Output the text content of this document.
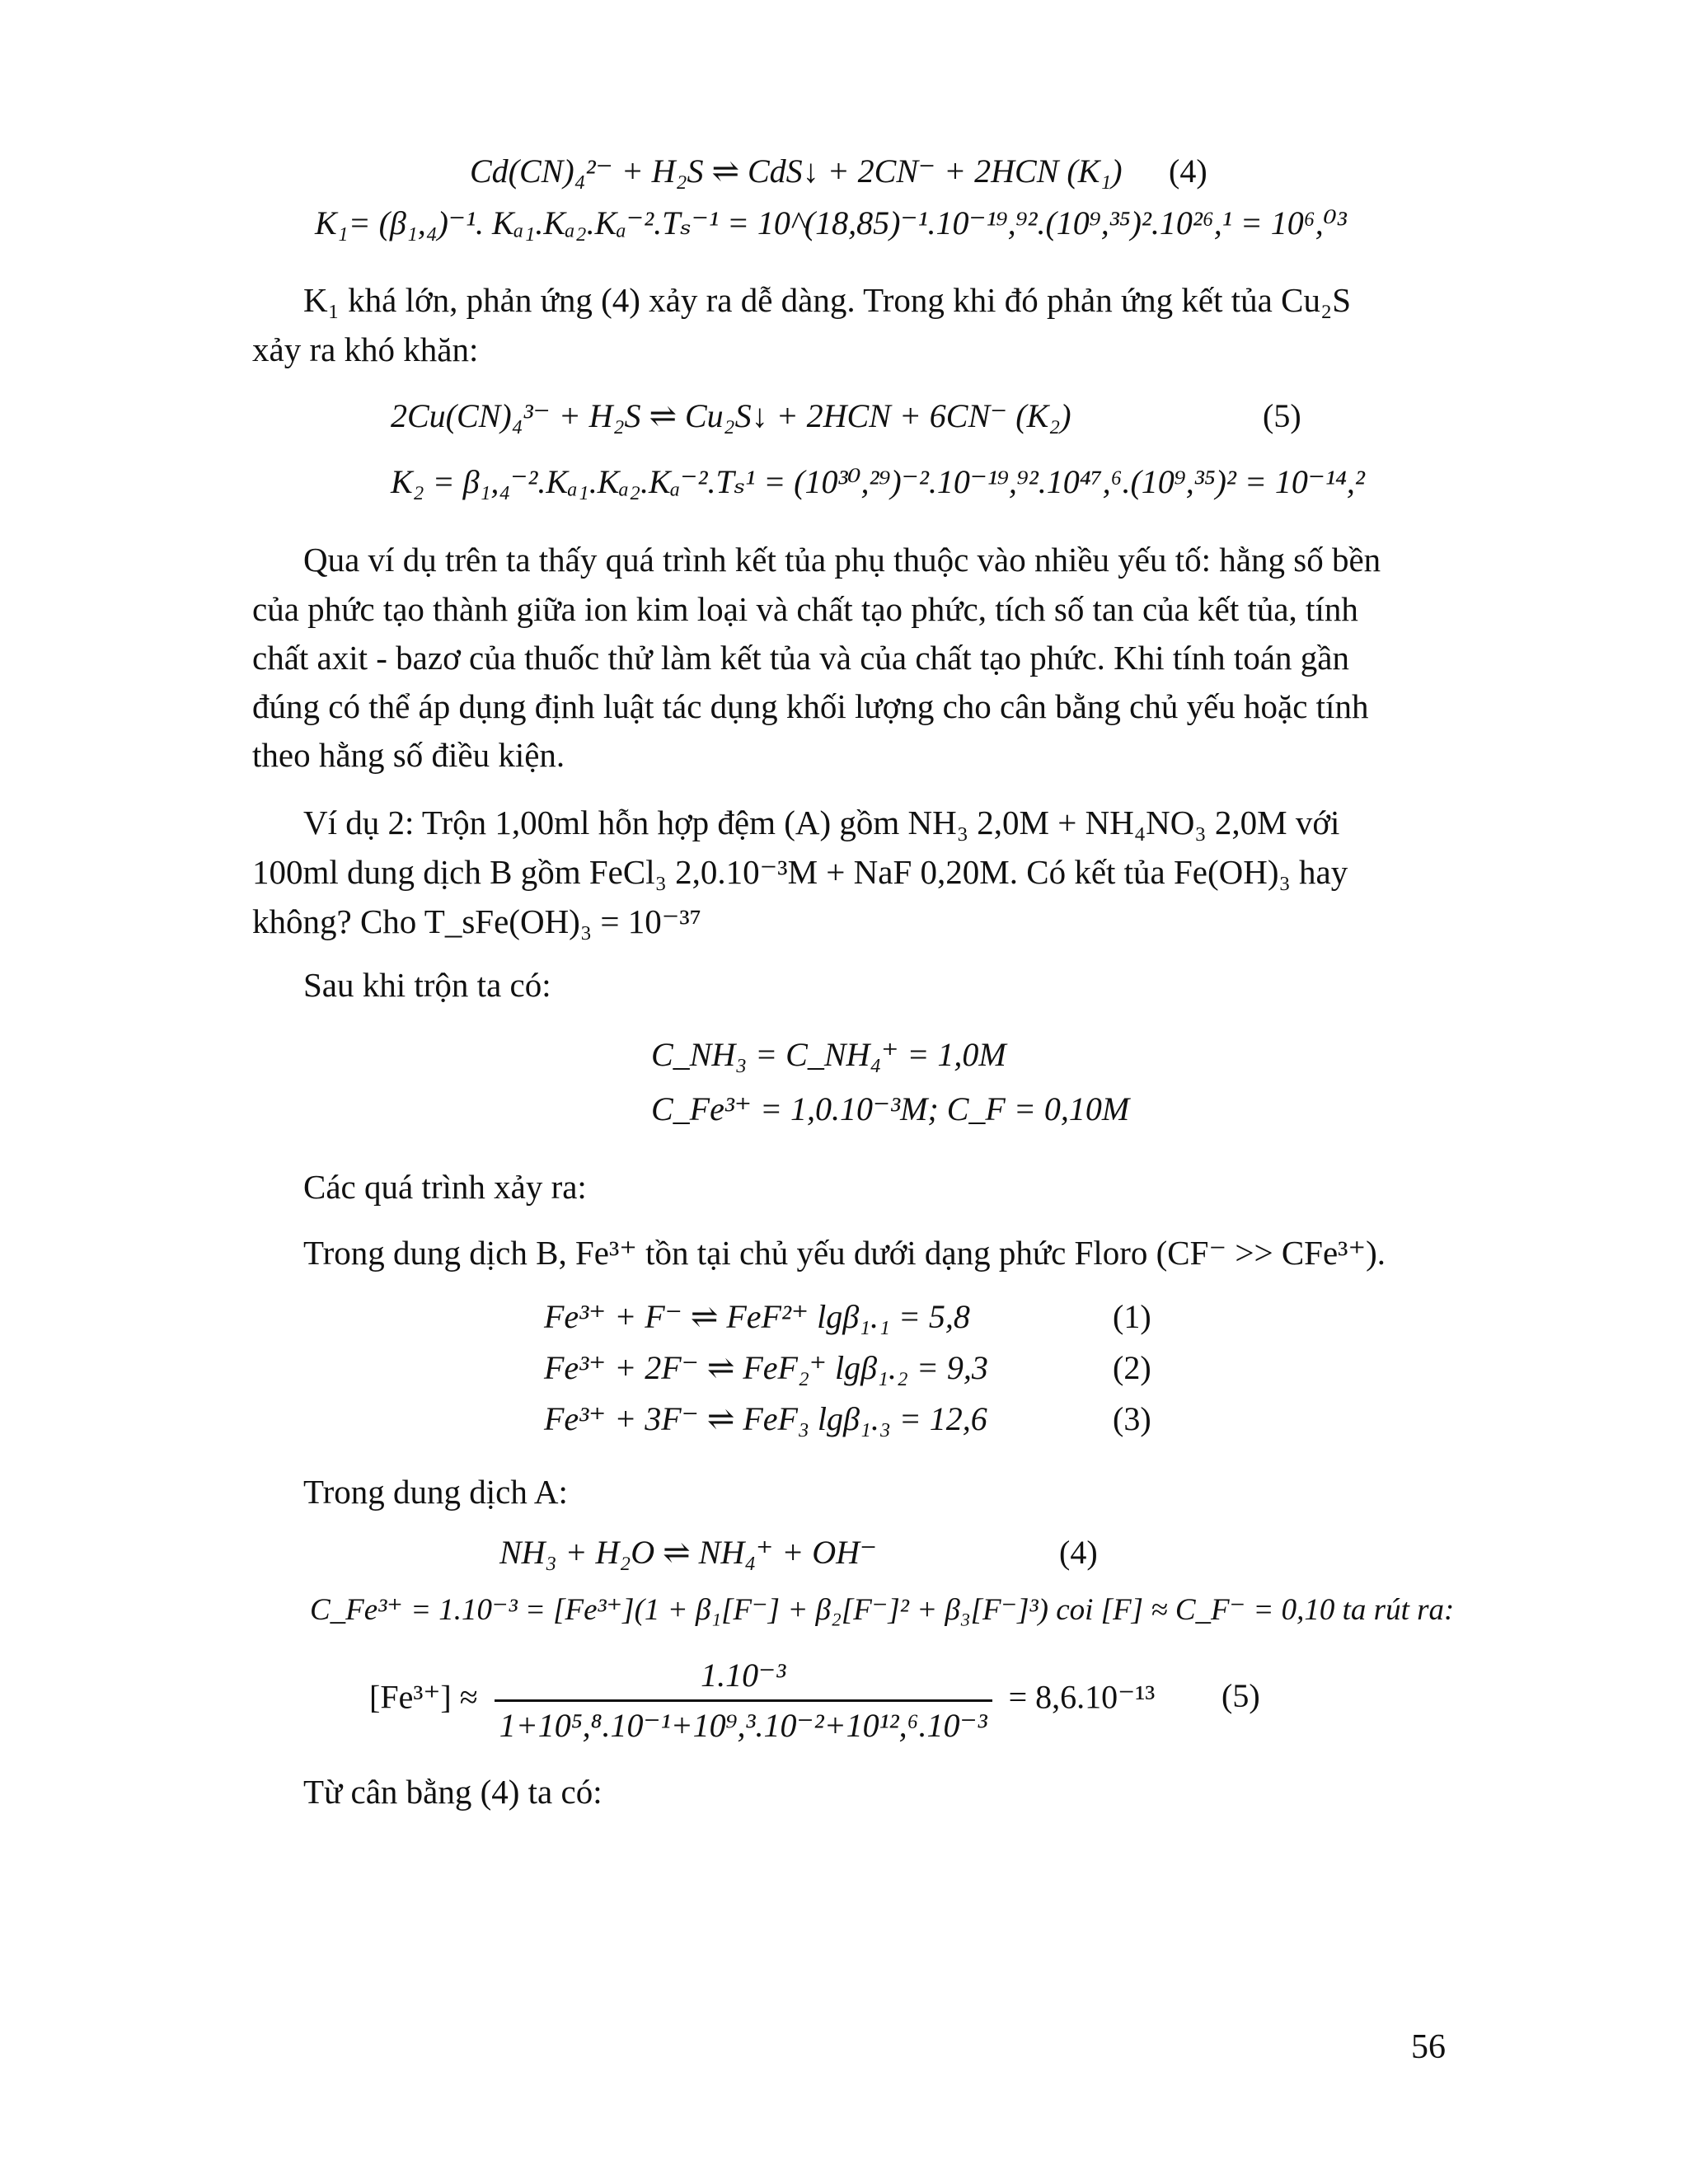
Cd(CN)₄²⁻ + H₂S ⇌ CdS↓ + 2CN⁻ + 2HCN (K₁) (4)
K₁= (β₁,₄)⁻¹. Kₐ₁.Kₐ₂.Kₐ⁻².Tₛ⁻¹ = 10^(18,85)⁻¹.10⁻¹⁹,⁹².(10⁹,³⁵)².10²⁶,¹ = 10⁶,⁰³
K₁ khá lớn, phản ứng (4) xảy ra dễ dàng. Trong khi đó phản ứng kết tủa Cu₂S
xảy ra khó khăn:
2Cu(CN)₄³⁻ + H₂S ⇌ Cu₂S↓ + 2HCN + 6CN⁻ (K₂)	(5)
K₂ = β₁,₄⁻².Kₐ₁.Kₐ₂.Kₐ⁻².Tₛ¹ = (10³⁰,²⁹)⁻².10⁻¹⁹,⁹².10⁴⁷,⁶.(10⁹,³⁵)² = 10⁻¹⁴,²
Qua ví dụ trên ta thấy quá trình kết tủa phụ thuộc vào nhiều yếu tố: hằng số bền
của phức tạo thành giữa ion kim loại và chất tạo phức, tích số tan của kết tủa, tính
chất axit - bazơ của thuốc thử làm kết tủa và của chất tạo phức. Khi tính toán gần
đúng có thể áp dụng định luật tác dụng khối lượng cho cân bằng chủ yếu hoặc tính
theo hằng số điều kiện.
Ví dụ 2: Trộn 1,00ml hỗn hợp đệm (A) gồm NH₃ 2,0M + NH₄NO₃ 2,0M với
100ml dung dịch B gồm FeCl₃ 2,0.10⁻³M + NaF 0,20M. Có kết tủa Fe(OH)₃ hay
không? Cho T_sFe(OH)₃ = 10⁻³⁷
Sau khi trộn ta có:
C_NH₃ = C_NH₄⁺ = 1,0M
C_Fe³⁺ = 1,0.10⁻³M; C_F = 0,10M
Các quá trình xảy ra:
Trong dung dịch B, Fe³⁺ tồn tại chủ yếu dưới dạng phức Floro (CF⁻ >> CFe³⁺).
Fe³⁺ + F⁻ ⇌ FeF²⁺ lgβ₁.₁ = 5,8	(1)
Fe³⁺ + 2F⁻ ⇌ FeF₂⁺ lgβ₁.₂ = 9,3	(2)
Fe³⁺ + 3F⁻ ⇌ FeF₃ lgβ₁.₃ = 12,6	(3)
Trong dung dịch A:
NH₃ + H₂O ⇌ NH₄⁺ + OH⁻	(4)
C_Fe³⁺ = 1.10⁻³ = [Fe³⁺](1 + β₁[F⁻] + β₂[F⁻]² + β₃[F⁻]³) coi [F] ≈ C_F⁻ = 0,10 ta rút ra:
$[Fe^{3+}] \approx \frac{\text{1.10⁻³}}{\text{1+10⁵,⁸.10⁻¹+10⁹,³.10⁻²+10¹²,⁶.10⁻³}} = 8,6.10^{-13}$ (5)
Từ cân bằng (4) ta có:
56
